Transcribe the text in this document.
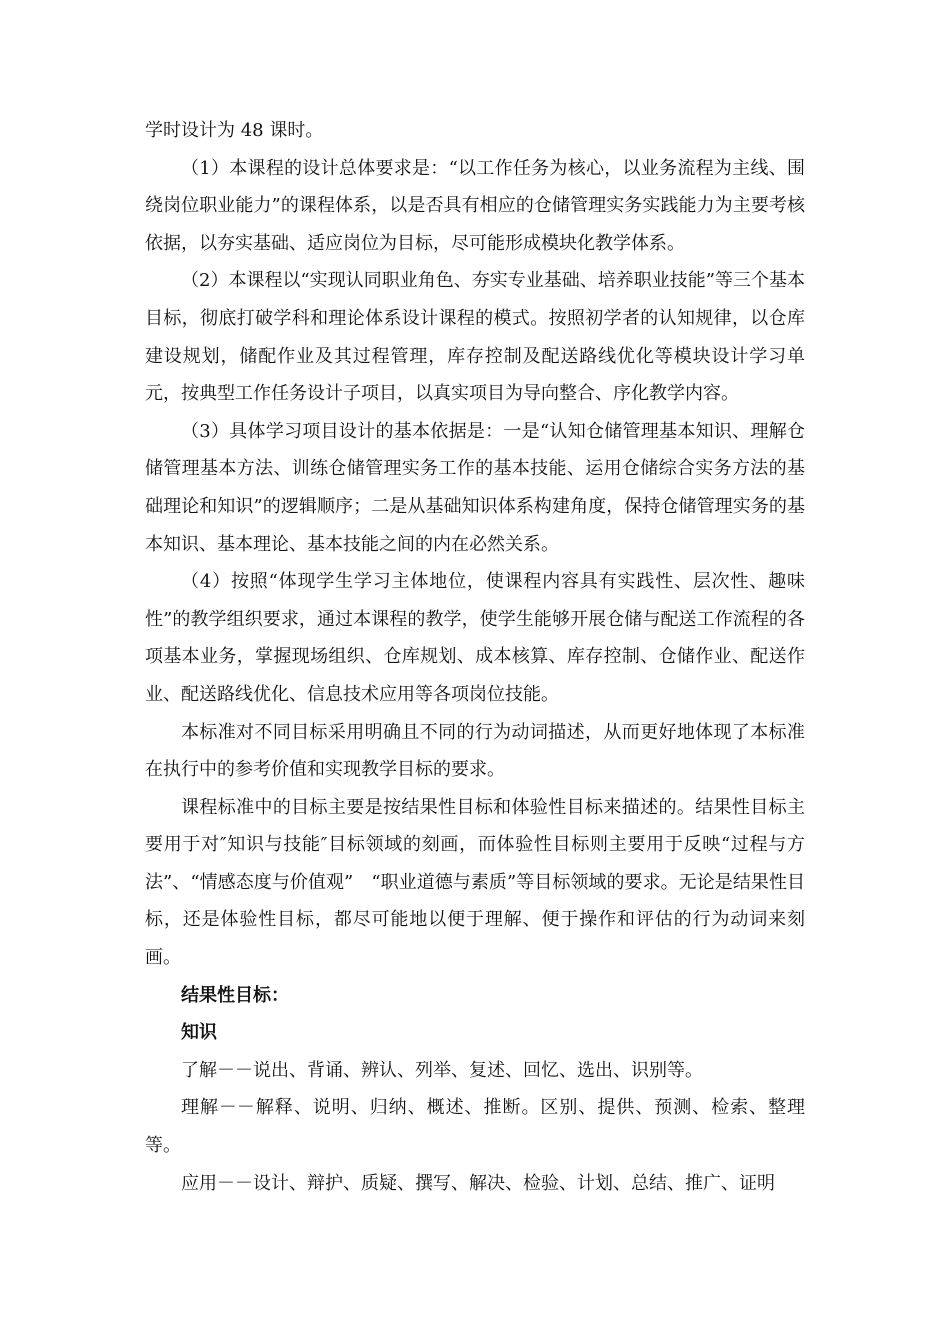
学时设计为 48 课时。

（1）本课程的设计总体要求是：“以工作任务为核心，以业务流程为主线、围绕岗位职业能力”的课程体系，以是否具有相应的仓储管理实务实践能力为主要考核依据，以夯实基础、适应岗位为目标，尽可能形成模块化教学体系。

（2）本课程以“实现认同职业角色、夯实专业基础、培养职业技能”等三个基本目标，彻底打破学科和理论体系设计课程的模式。按照初学者的认知规律，以仓库建设规划，储配作业及其过程管理，库存控制及配送路线优化等模块设计学习单元，按典型工作任务设计子项目，以真实项目为导向整合、序化教学内容。

（3）具体学习项目设计的基本依据是：一是“认知仓储管理基本知识、理解仓储管理基本方法、训练仓储管理实务工作的基本技能、运用仓储综合实务方法的基础理论和知识”的逻辑顺序；二是从基础知识体系构建角度，保持仓储管理实务的基本知识、基本理论、基本技能之间的内在必然关系。

（4）按照“体现学生学习主体地位，使课程内容具有实践性、层次性、趣味性”的教学组织要求，通过本课程的教学，使学生能够开展仓储与配送工作流程的各项基本业务，掌握现场组织、仓库规划、成本核算、库存控制、仓储作业、配送作业、配送路线优化、信息技术应用等各项岗位技能。

本标准对不同目标采用明确且不同的行为动词描述，从而更好地体现了本标准在执行中的参考价值和实现教学目标的要求。

课程标准中的目标主要是按结果性目标和体验性目标来描述的。结果性目标主要用于对″知识与技能″目标领域的刻画，而体验性目标则主要用于反映“过程与方法”、“情感态度与价值观”　“职业道德与素质”等目标领域的要求。无论是结果性目标，还是体验性目标，都尽可能地以便于理解、便于操作和评估的行为动词来刻画。

结果性目标：

知识

了解－－说出、背诵、辨认、列举、复述、回忆、选出、识别等。

理解－－解释、说明、归纳、概述、推断。区别、提供、预测、检索、整理等。

应用－－设计、辩护、质疑、撰写、解决、检验、计划、总结、推广、证明
